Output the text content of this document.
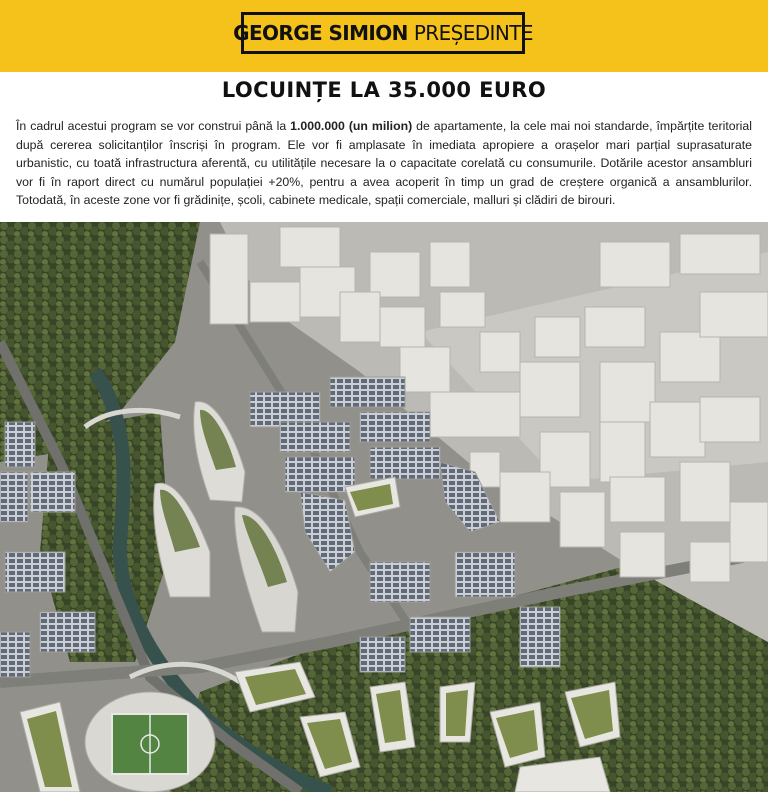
GEORGE SIMION PREȘEDINTE
LOCUINȚE LA 35.000 EURO
În cadrul acestui program se vor construi până la 1.000.000 (un milion) de apartamente, la cele mai noi standarde, împărțite teritorial după cererea solicitanților înscriși în program. Ele vor fi amplasate în imediata apropiere a orașelor mari parțial suprasaturate urbanistic, cu toată infrastructura aferentă, cu utilitățile necesare la o capacitate corelată cu consumurile. Dotările acestor ansambluri vor fi în raport direct cu numărul populației +20%, pentru a avea acoperit în timp un grad de creștere organică a ansamblurilor. Totodată, în aceste zone vor fi grădinițe, școli, cabinete medicale, spații comerciale, malluri și clădiri de birouri.
